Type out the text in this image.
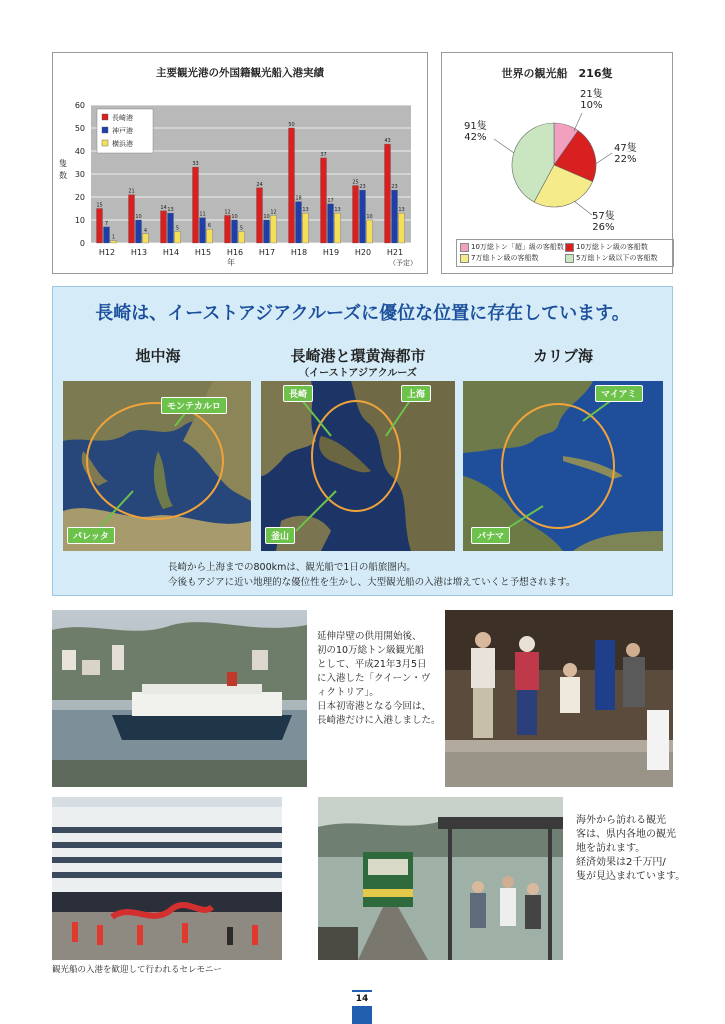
主要観光港の外国籍観光船入港実績
0
10
20
30
40
50
60
隻
数
15
7
1
H12
21
10
4
H13
14 13
5
H14
33
11
6
H15
12
10
5
H16
24
10
12
H17
50
18
13
H18
37
17
13
H19
25
23
10
H20
43
23
13
H21
年	（予定）
長崎港
神戸港
横浜港
世界の観光船　216隻
21隻
10%
47隻
22%
57隻
26%
91隻
42%
10万総トン「超」級の客船数 10万総トン級の客船数
7万総トン級の客船数	5万総トン級以下の客船数
長崎は、イーストアジアクルーズに優位な位置に存在しています。
地中海	長崎港と環黄海都市
（イーストアジアクルーズ
カリブ海
モンテカルロ
パレッタ
長崎	上海
釜山
マイアミ
パナマ
長崎から上海までの800kmは、観光船で1日の船旅圏内。
今後もアジアに近い地理的な優位性を生かし、大型観光船の入港は増えていくと予想されます。
延伸岸壁の供用開始後、
初の10万総トン級観光船
として、平成21年3月5日
に入港した「クイーン・ヴ
ィクトリア」。
日本初寄港となる今回は、
長崎港だけに入港しました。
観光船の入港を歓迎して行われるセレモニー
海外から訪れる観光
客は、県内各地の観光
地を訪れます。
経済効果は2千万円/
隻が見込まれています。
14
